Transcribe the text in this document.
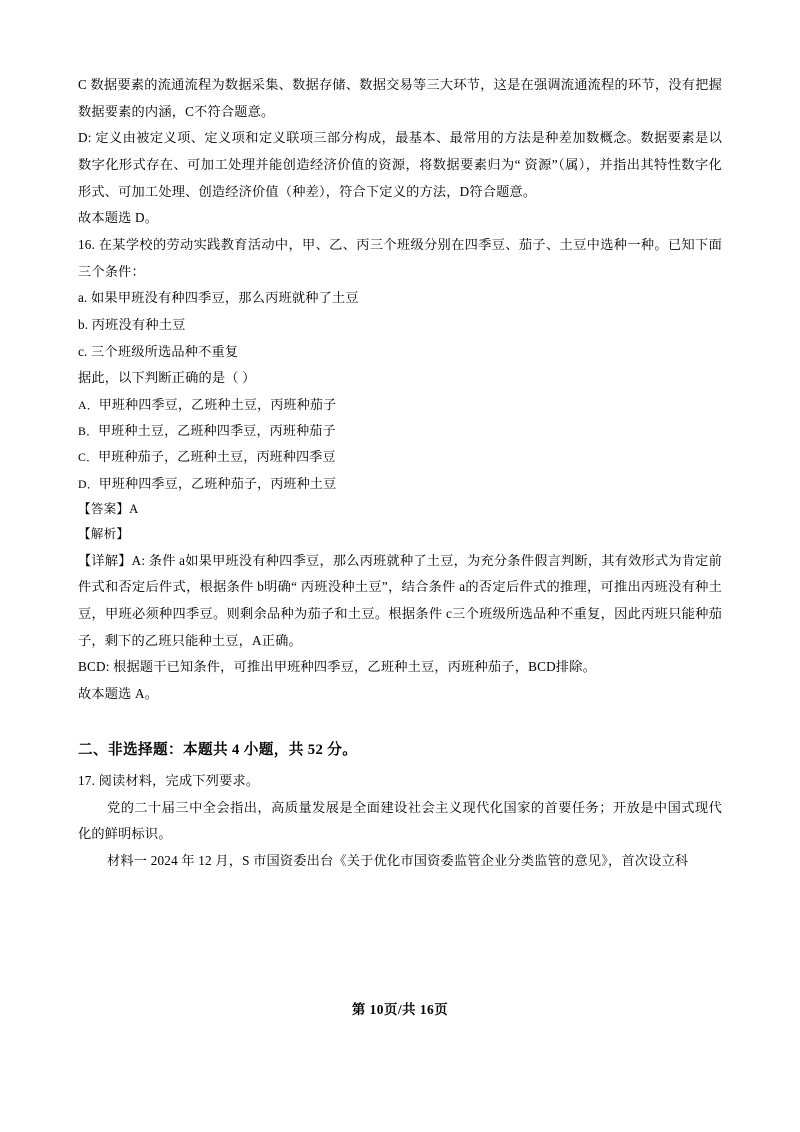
C 数据要素的流通流程为数据采集、数据存储、数据交易等三大环节，这是在强调流通流程的环节，没有把握数据要素的内涵，C不符合题意。

D: 定义由被定义项、定义项和定义联项三部分构成，最基本、最常用的方法是种差加数概念。数据要素是以数字化形式存在、可加工处理并能创造经济价值的资源，将数据要素归为“ 资源”（属），并指出其特性数字化形式、可加工处理、创造经济价值（种差），符合下定义的方法，D符合题意。

故本题选 D。

16. 在某学校的劳动实践教育活动中，甲、乙、丙三个班级分别在四季豆、茄子、土豆中选种一种。已知下面三个条件：

a. 如果甲班没有种四季豆，那么丙班就种了土豆

b. 丙班没有种土豆

c. 三个班级所选品种不重复

据此，以下判断正确的是（ ）

A．甲班种四季豆，乙班种土豆，丙班种茄子

B．甲班种土豆，乙班种四季豆，丙班种茄子

C．甲班种茄子，乙班种土豆，丙班种四季豆

D．甲班种四季豆，乙班种茄子，丙班种土豆

【答案】A

【解析】

【详解】A: 条件 a如果甲班没有种四季豆，那么丙班就种了土豆，为充分条件假言判断，其有效形式为肯定前件式和否定后件式，根据条件 b明确“ 丙班没种土豆”，结合条件 a的否定后件式的推理，可推出丙班没有种土豆，甲班必须种四季豆。则剩余品种为茄子和土豆。根据条件 c三个班级所选品种不重复，因此丙班只能种茄子，剩下的乙班只能种土豆，A正确。

BCD: 根据题干已知条件，可推出甲班种四季豆，乙班种土豆，丙班种茄子，BCD排除。

故本题选 A。

二、非选择题：本题共 4 小题，共 52 分。

17. 阅读材料，完成下列要求。

党的二十届三中全会指出，高质量发展是全面建设社会主义现代化国家的首要任务；开放是中国式现代化的鲜明标识。

材料一 2024 年 12 月，S 市国资委出台《关于优化市国资委监管企业分类监管的意见》，首次设立科

第 10页/共 16页
